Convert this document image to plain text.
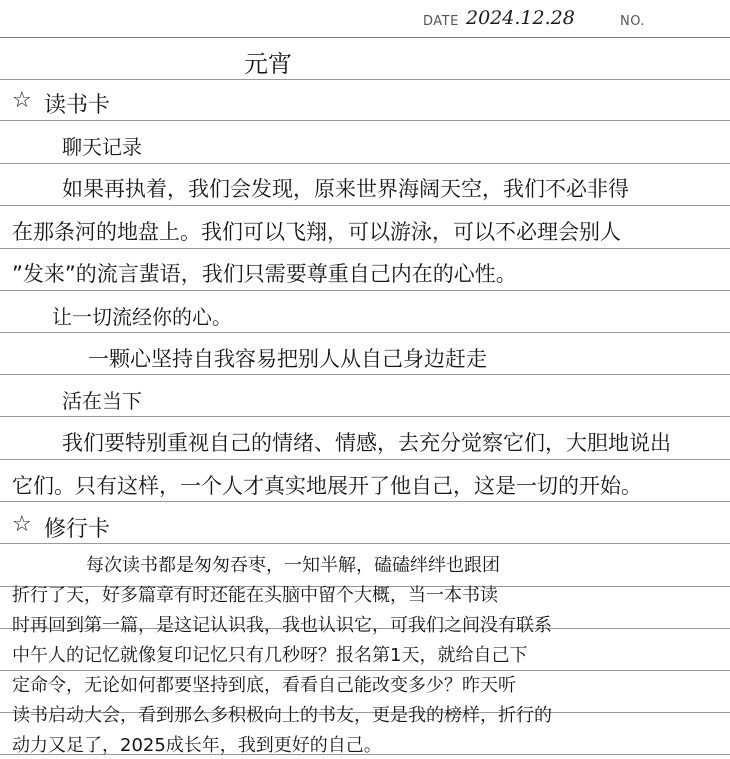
DATE 2024.12.28	NO.
元宵
☆ 读书卡
聊天记录
如果再执着，我们会发现，原来世界海阔天空，我们不必非得
在那条河的地盘上。我们可以飞翔，可以游泳，可以不必理会别人
”发来”的流言蜚语，我们只需要尊重自己内在的心性。
让一切流经你的心。
一颗心坚持自我容易把别人从自己身边赶走
活在当下
我们要特别重视自己的情绪、情感，去充分觉察它们，大胆地说出
它们。只有这样，一个人才真实地展开了他自己，这是一切的开始。
☆ 修行卡
每次读书都是匆匆吞枣，一知半解，磕磕绊绊也跟团
折行了天，好多篇章有时还能在头脑中留个大概，当一本书读
时再回到第一篇，是这记认识我，我也认识它，可我们之间没有联系
中午人的记忆就像复印记忆只有几秒呀？报名第1天，就给自己下
定命令，无论如何都要坚持到底，看看自己能改变多少？昨天听
读书启动大会，看到那么多积极向上的书友，更是我的榜样，折行的
动力又足了，2025成长年，我到更好的自己。
